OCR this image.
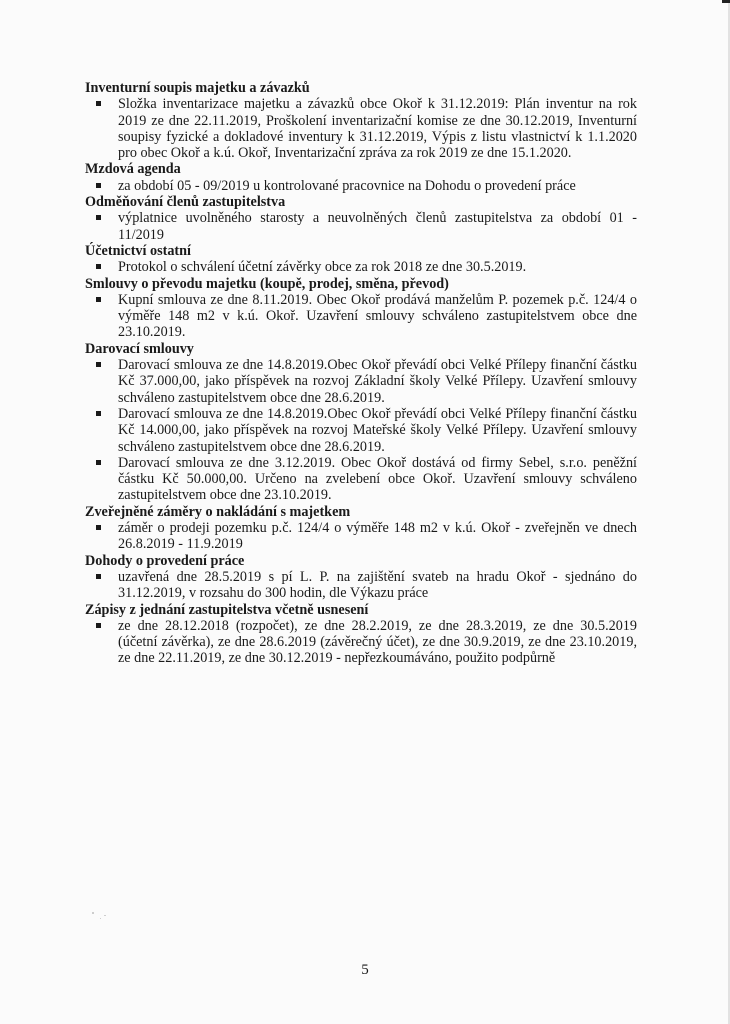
Inventurní soupis majetku a závazků

Složka inventarizace majetku a závazků obce Okoř k 31.12.2019: Plán inventur na rok 2019 ze dne 22.11.2019, Proškolení inventarizační komise ze dne 30.12.2019, Inventurní soupisy fyzické a dokladové inventury k 31.12.2019, Výpis z listu vlastnictví k 1.1.2020 pro obec Okoř a k.ú. Okoř, Inventarizační zpráva za rok 2019 ze dne 15.1.2020.

Mzdová agenda

za období 05 - 09/2019 u kontrolované pracovnice na Dohodu o provedení práce

Odměňování členů zastupitelstva

výplatnice uvolněného starosty a neuvolněných členů zastupitelstva za období 01 - 11/2019

Účetnictví ostatní

Protokol o schválení účetní závěrky obce za rok 2018 ze dne 30.5.2019.

Smlouvy o převodu majetku (koupě, prodej, směna, převod)

Kupní smlouva ze dne 8.11.2019. Obec Okoř prodává manželům P. pozemek p.č. 124/4 o výměře 148 m2 v k.ú. Okoř. Uzavření smlouvy schváleno zastupitelstvem obce dne 23.10.2019.

Darovací smlouvy

Darovací smlouva ze dne 14.8.2019.Obec Okoř převádí obci Velké Přílepy finanční částku Kč 37.000,00, jako příspěvek na rozvoj Základní školy Velké Přílepy. Uzavření smlouvy schváleno zastupitelstvem obce dne 28.6.2019.
Darovací smlouva ze dne 14.8.2019.Obec Okoř převádí obci Velké Přílepy finanční částku Kč 14.000,00, jako příspěvek na rozvoj Mateřské školy Velké Přílepy. Uzavření smlouvy schváleno zastupitelstvem obce dne 28.6.2019.
Darovací smlouva ze dne 3.12.2019. Obec Okoř dostává od firmy Sebel, s.r.o. peněžní částku Kč 50.000,00. Určeno na zvelebení obce Okoř. Uzavření smlouvy schváleno zastupitelstvem obce dne 23.10.2019.

Zveřejněné záměry o nakládání s majetkem

záměr o prodeji pozemku p.č. 124/4 o výměře 148 m2 v k.ú. Okoř - zveřejněn ve dnech 26.8.2019 - 11.9.2019

Dohody o provedení práce

uzavřená dne 28.5.2019 s pí L. P. na zajištění svateb na hradu Okoř - sjednáno do 31.12.2019, v rozsahu do 300 hodin, dle Výkazu práce

Zápisy z jednání zastupitelstva včetně usnesení

ze dne 28.12.2018 (rozpočet), ze dne 28.2.2019, ze dne 28.3.2019, ze dne 30.5.2019 (účetní závěrka), ze dne 28.6.2019 (závěrečný účet), ze dne 30.9.2019, ze dne 23.10.2019, ze dne 22.11.2019, ze dne 30.12.2019 - nepřezkoumáváno, použito podpůrně
5
